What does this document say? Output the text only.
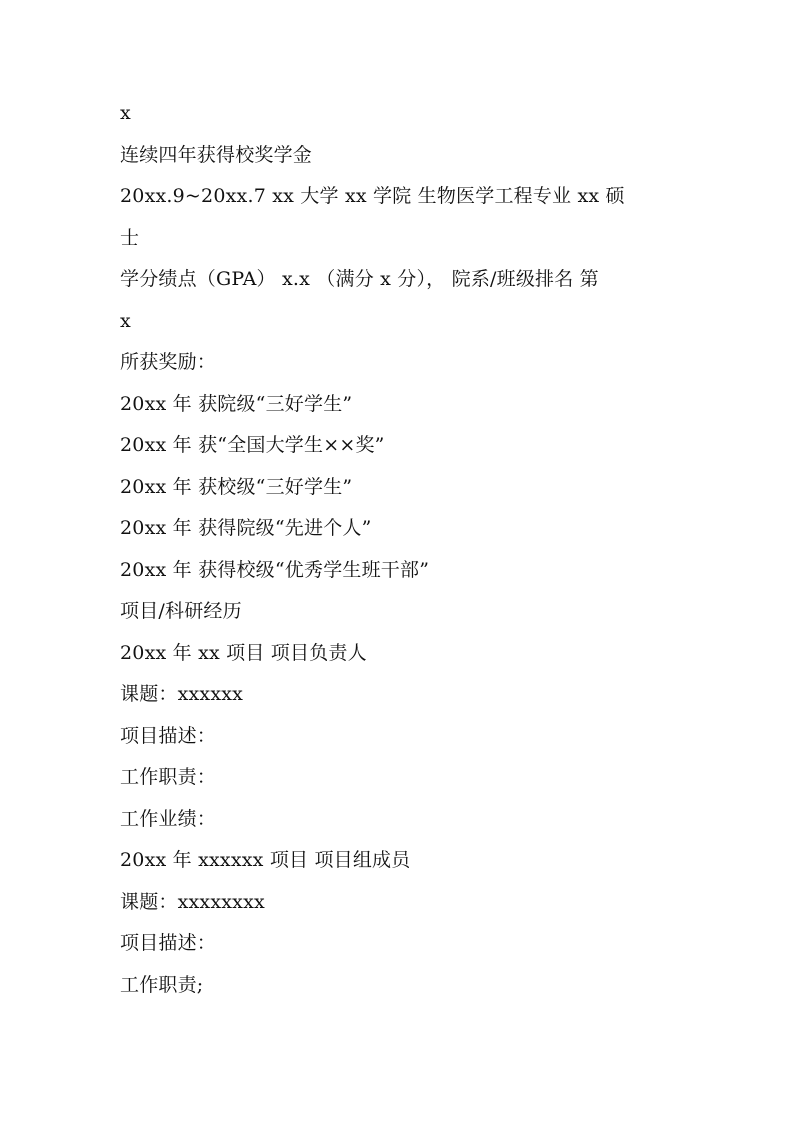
x
连续四年获得校奖学金
20xx.9~20xx.7 xx 大学 xx 学院 生物医学工程专业 xx 硕
士
学分绩点（GPA） x.x （满分 x 分）， 院系/班级排名 第
x
所获奖励：
20xx 年 获院级“三好学生”
20xx 年 获“全国大学生××奖”
20xx 年 获校级“三好学生”
20xx 年 获得院级“先进个人”
20xx 年 获得校级“优秀学生班干部”
项目/科研经历
20xx 年 xx 项目 项目负责人
课题：xxxxxx
项目描述：
工作职责：
工作业绩：
20xx 年 xxxxxx 项目 项目组成员
课题：xxxxxxxx
项目描述：
工作职责;
